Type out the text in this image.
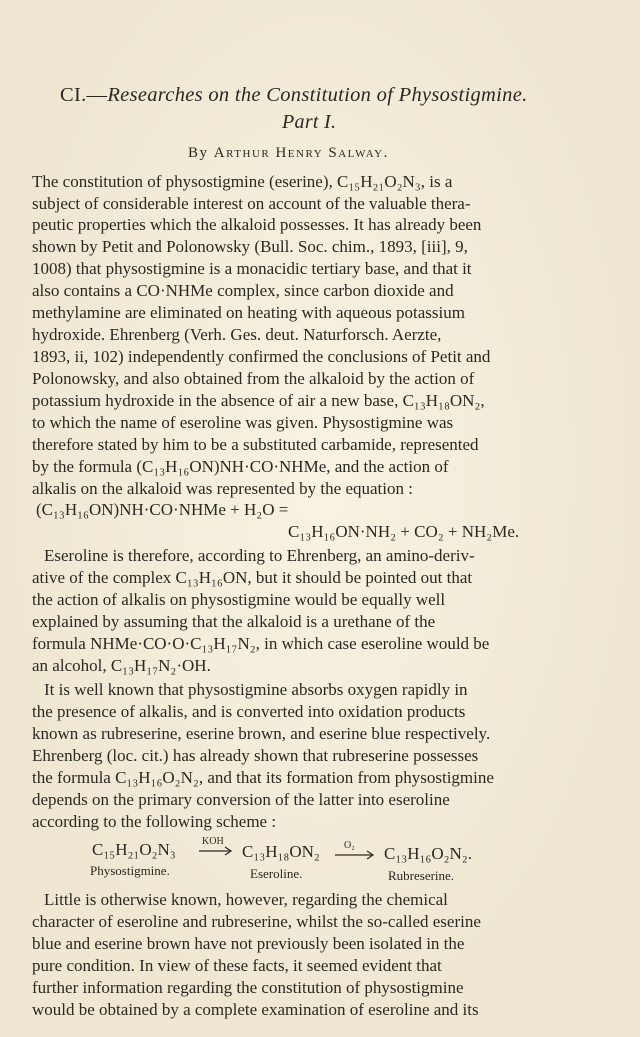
CI.—Researches on the Constitution of Physostigmine.
Part I.
By Arthur Henry Salway.
The constitution of physostigmine (eserine), C₁₅H₂₁O₂N₃, is a
subject of considerable interest on account of the valuable thera-
peutic properties which the alkaloid possesses. It has already been
shown by Petit and Polonowsky (Bull. Soc. chim., 1893, [iii], 9,
1008) that physostigmine is a monacidic tertiary base, and that it
also contains a CO·NHMe complex, since carbon dioxide and
methylamine are eliminated on heating with aqueous potassium
hydroxide. Ehrenberg (Verh. Ges. deut. Naturforsch. Aerzte,
1893, ii, 102) independently confirmed the conclusions of Petit and
Polonowsky, and also obtained from the alkaloid by the action of
potassium hydroxide in the absence of air a new base, C₁₃H₁₈ON₂,
to which the name of eseroline was given. Physostigmine was
therefore stated by him to be a substituted carbamide, represented
by the formula (C₁₃H₁₆ON)NH·CO·NHMe, and the action of
alkalis on the alkaloid was represented by the equation :
(C₁₃H₁₆ON)NH·CO·NHMe + H₂O =
C₁₃H₁₆ON·NH₂ + CO₂ + NH₂Me.
Eseroline is therefore, according to Ehrenberg, an amino-deriv-
ative of the complex C₁₃H₁₆ON, but it should be pointed out that
the action of alkalis on physostigmine would be equally well
explained by assuming that the alkaloid is a urethane of the
formula NHMe·CO·O·C₁₃H₁₇N₂, in which case eseroline would be
an alcohol, C₁₃H₁₇N₂·OH.
It is well known that physostigmine absorbs oxygen rapidly in
the presence of alkalis, and is converted into oxidation products
known as rubreserine, eserine brown, and eserine blue respectively.
Ehrenberg (loc. cit.) has already shown that rubreserine possesses
the formula C₁₃H₁₆O₂N₂, and that its formation from physostigmine
depends on the primary conversion of the latter into eseroline
according to the following scheme :
C₁₅H₂₁O₂N₃
Physostigmine.
KOH
C₁₃H₁₈ON₂
Eseroline.
O₂ C₁₃H₁₆O₂N₂.
Rubreserine.
Little is otherwise known, however, regarding the chemical
character of eseroline and rubreserine, whilst the so-called eserine
blue and eserine brown have not previously been isolated in the
pure condition. In view of these facts, it seemed evident that
further information regarding the constitution of physostigmine
would be obtained by a complete examination of eseroline and its
